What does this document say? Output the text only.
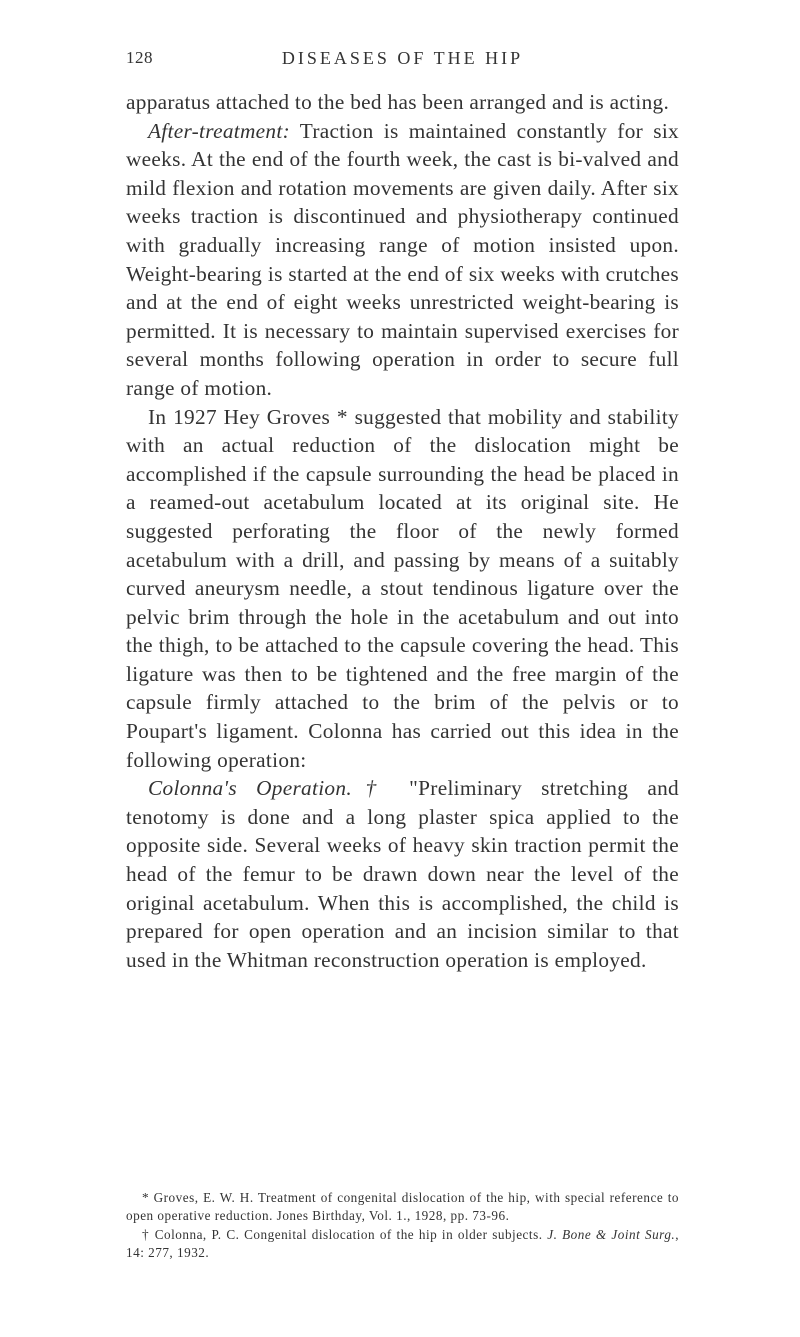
128	DISEASES OF THE HIP

apparatus attached to the bed has been arranged and is acting.

After-treatment: Traction is maintained constantly for six weeks. At the end of the fourth week, the cast is bi-valved and mild flexion and rotation movements are given daily. After six weeks traction is discontinued and physiotherapy continued with gradually increasing range of motion insisted upon. Weight-bearing is started at the end of six weeks with crutches and at the end of eight weeks unrestricted weight-bearing is permitted. It is necessary to maintain supervised exercises for several months following operation in order to secure full range of motion.

In 1927 Hey Groves * suggested that mobility and stability with an actual reduction of the dislocation might be accomplished if the capsule surrounding the head be placed in a reamed-out acetabulum located at its original site. He suggested perforating the floor of the newly formed acetabulum with a drill, and passing by means of a suitably curved aneurysm needle, a stout tendinous ligature over the pelvic brim through the hole in the acetabulum and out into the thigh, to be attached to the capsule covering the head. This ligature was then to be tightened and the free margin of the capsule firmly attached to the brim of the pelvis or to Poupart's ligament. Colonna has carried out this idea in the following operation:

Colonna's Operation.† "Preliminary stretching and tenotomy is done and a long plaster spica applied to the opposite side. Several weeks of heavy skin traction permit the head of the femur to be drawn down near the level of the original acetabulum. When this is accomplished, the child is prepared for open operation and an incision similar to that used in the Whitman reconstruction operation is employed.

* Groves, E. W. H. Treatment of congenital dislocation of the hip, with special reference to open operative reduction. Jones Birthday, Vol. 1., 1928, pp. 73-96.

† Colonna, P. C. Congenital dislocation of the hip in older subjects. J. Bone & Joint Surg., 14: 277, 1932.
